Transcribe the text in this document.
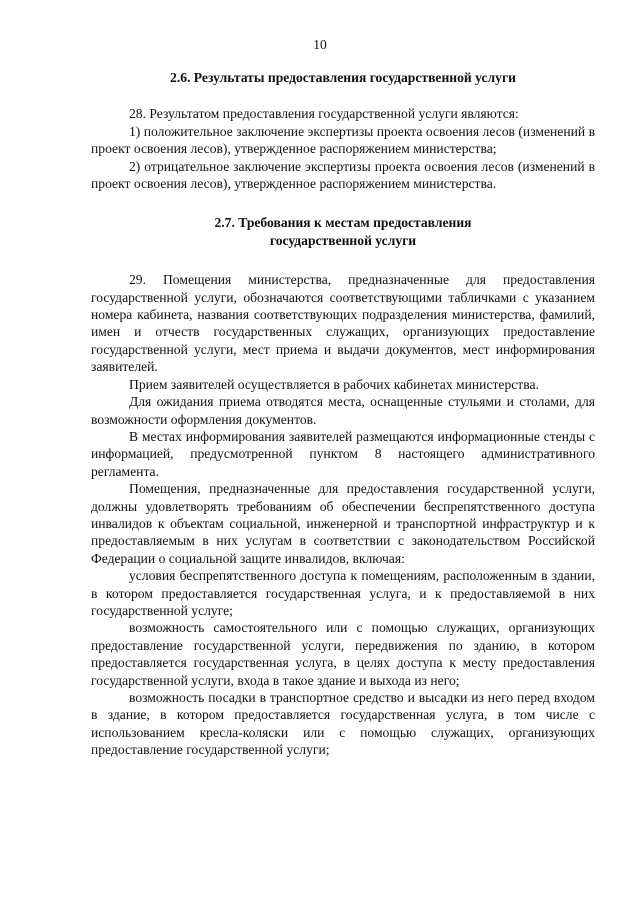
10
2.6. Результаты предоставления государственной услуги

28. Результатом предоставления государственной услуги являются:

1) положительное заключение экспертизы проекта освоения лесов (изменений в проект освоения лесов), утвержденное распоряжением министерства;

2) отрицательное заключение экспертизы проекта освоения лесов (изменений в проект освоения лесов), утвержденное распоряжением министерства.

2.7. Требования к местам предоставления
государственной услуги

29. Помещения министерства, предназначенные для предоставления государственной услуги, обозначаются соответствующими табличками с указанием номера кабинета, названия соответствующих подразделения министерства, фамилий, имен и отчеств государственных служащих, организующих предоставление государственной услуги, мест приема и выдачи документов, мест информирования заявителей.

Прием заявителей осуществляется в рабочих кабинетах министерства.

Для ожидания приема отводятся места, оснащенные стульями и столами, для возможности оформления документов.

В местах информирования заявителей размещаются информационные стенды с информацией, предусмотренной пунктом 8 настоящего административного регламента.

Помещения, предназначенные для предоставления государственной услуги, должны удовлетворять требованиям об обеспечении беспрепятственного доступа инвалидов к объектам социальной, инженерной и транспортной инфраструктур и к предоставляемым в них услугам в соответствии с законодательством Российской Федерации о социальной защите инвалидов, включая:

условия беспрепятственного доступа к помещениям, расположенным в здании, в котором предоставляется государственная услуга, и к предоставляемой в них государственной услуге;

возможность самостоятельного или с помощью служащих, организующих предоставление государственной услуги, передвижения по зданию, в котором предоставляется государственная услуга, в целях доступа к месту предоставления государственной услуги, входа в такое здание и выхода из него;

возможность посадки в транспортное средство и высадки из него перед входом в здание, в котором предоставляется государственная услуга, в том числе с использованием кресла-коляски или с помощью служащих, организующих предоставление государственной услуги;
